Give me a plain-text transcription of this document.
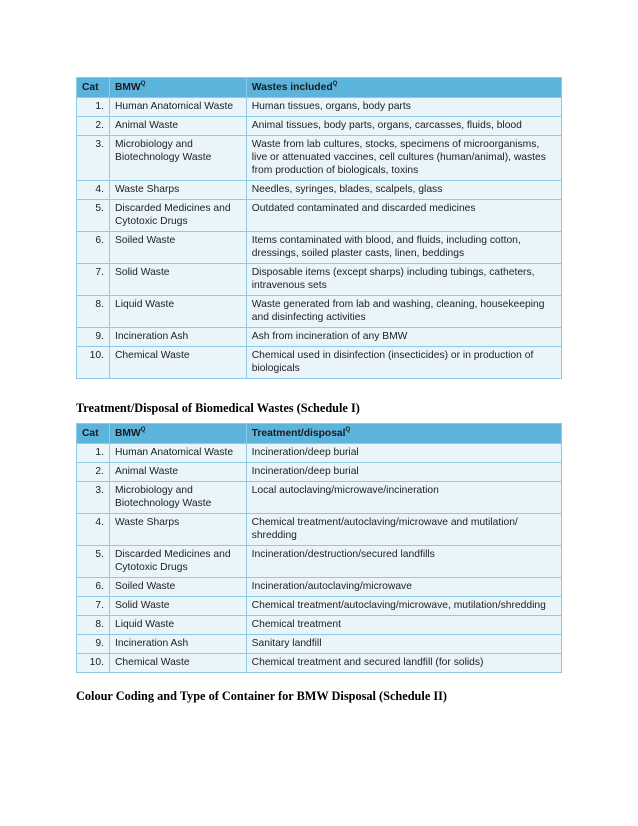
Cat	$BMW^Q$	Wastes included$^Q$
1.	Human Anatomical Waste	Human tissues, organs, body parts
2.	Animal Waste	Animal tissues, body parts, organs, carcasses, fluids, blood
3.	Microbiology and Biotechnology Waste	Waste from lab cultures, stocks, specimens of microorganisms, live or attenuated vaccines, cell cultures (human/animal), wastes from production of biologicals, toxins
4.	Waste Sharps	Needles, syringes, blades, scalpels, glass
5.	Discarded Medicines and Cytotoxic Drugs	Outdated contaminated and discarded medicines
6.	Soiled Waste	Items contaminated with blood, and fluids, including cotton, dressings, soiled plaster casts, linen, beddings
7.	Solid Waste	Disposable items (except sharps) including tubings, catheters, intravenous sets
8.	Liquid Waste	Waste generated from lab and washing, cleaning, housekeeping and disinfecting activities
9.	Incineration Ash	Ash from incineration of any BMW
10.	Chemical Waste	Chemical used in disinfection (insecticides) or in production of biologicals
Treatment/Disposal of Biomedical Wastes (Schedule I)
Cat	$BMW^Q$	Treatment/disposal$^Q$
1.	Human Anatomical Waste	Incineration/deep burial
2.	Animal Waste	Incineration/deep burial
3.	Microbiology and Biotechnology Waste	Local autoclaving/microwave/incineration
4.	Waste Sharps	Chemical treatment/autoclaving/microwave and mutilation/ shredding
5.	Discarded Medicines and Cytotoxic Drugs	Incineration/destruction/secured landfills
6.	Soiled Waste	Incineration/autoclaving/microwave
7.	Solid Waste	Chemical treatment/autoclaving/microwave, mutilation/shredding
8.	Liquid Waste	Chemical treatment
9.	Incineration Ash	Sanitary landfill
10.	Chemical Waste	Chemical treatment and secured landfill (for solids)
Colour Coding and Type of Container for BMW Disposal (Schedule II)
